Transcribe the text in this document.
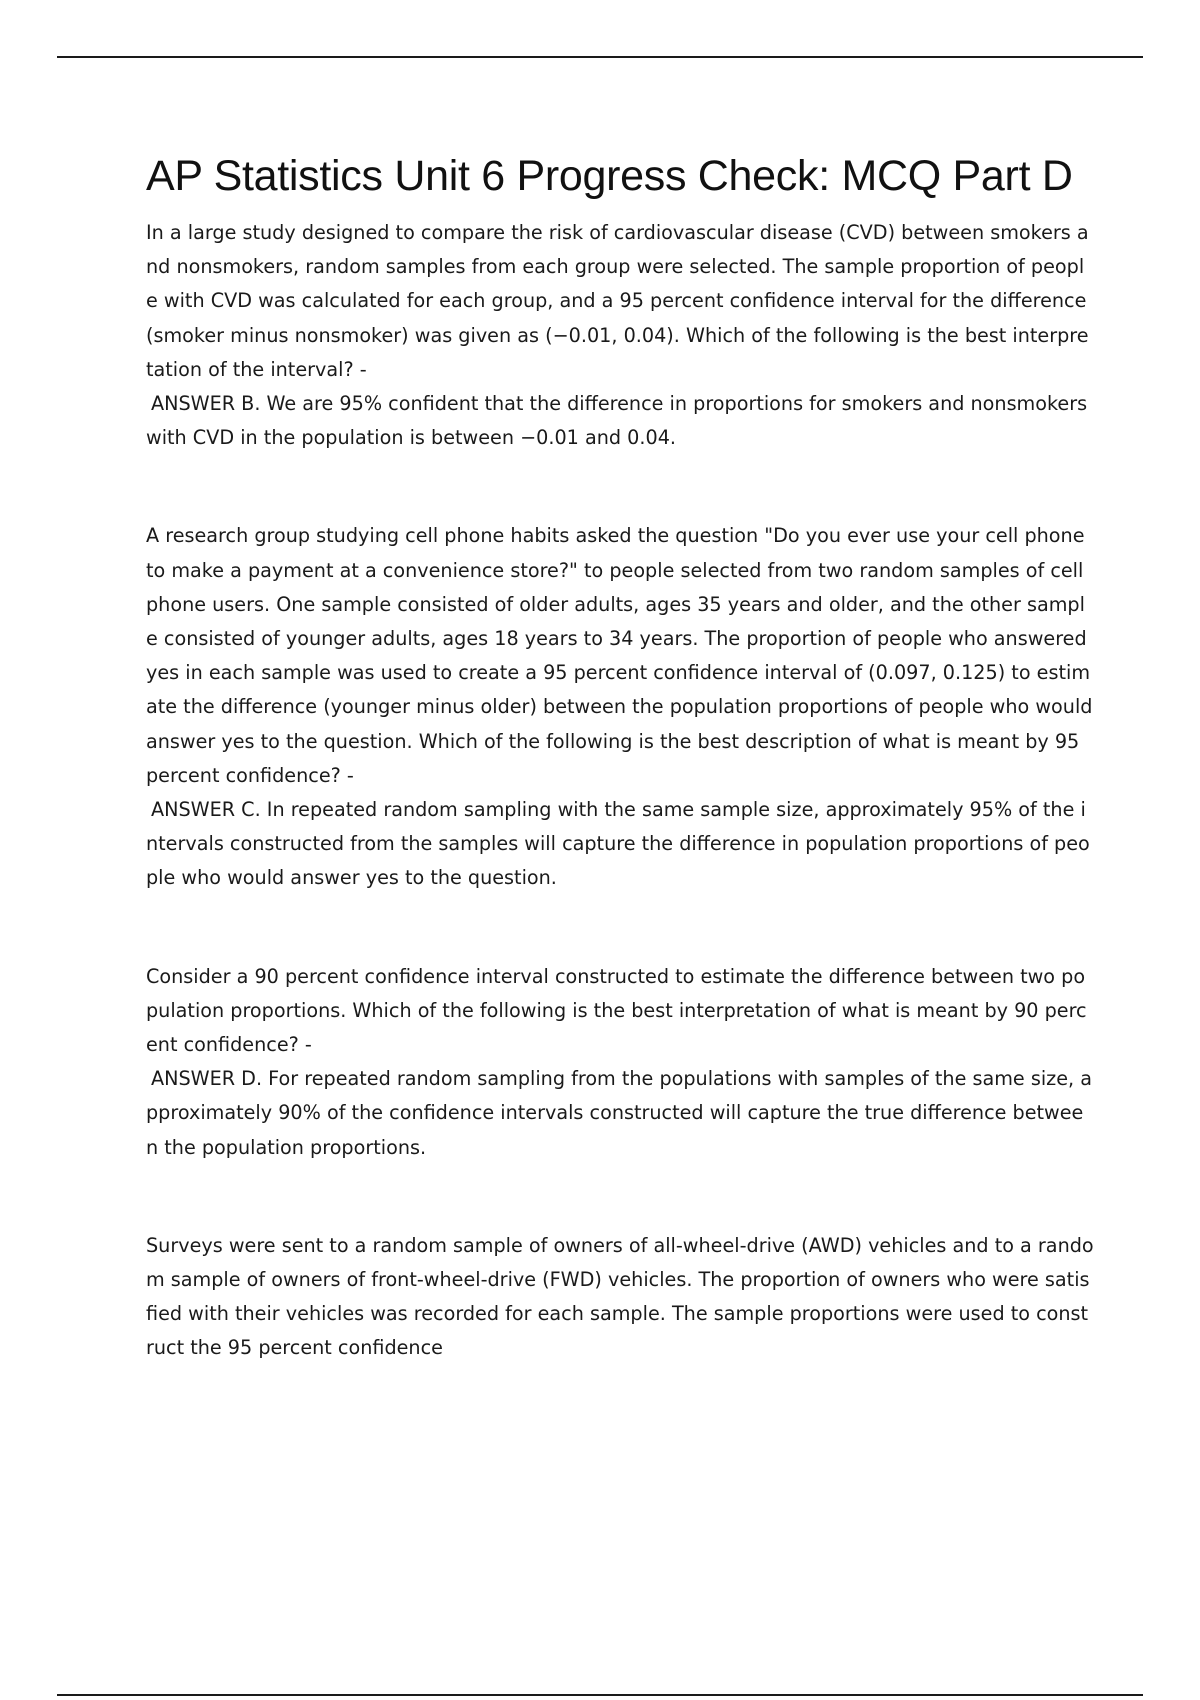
AP Statistics Unit 6 Progress Check: MCQ Part D

In a large study designed to compare the risk of cardiovascular disease (CVD) between smokers and nonsmokers, random samples from each group were selected. The sample proportion of people with CVD was calculated for each group, and a 95 percent confidence interval for the difference (smoker minus nonsmoker) was given as (−0.01, 0.04). Which of the following is the best interpretation of the interval? -

ANSWER B. We are 95% confident that the difference in proportions for smokers and nonsmokers with CVD in the population is between −0.01 and 0.04.

A research group studying cell phone habits asked the question "Do you ever use your cell phone to make a payment at a convenience store?" to people selected from two random samples of cell phone users. One sample consisted of older adults, ages 35 years and older, and the other sample consisted of younger adults, ages 18 years to 34 years. The proportion of people who answered yes in each sample was used to create a 95 percent confidence interval of (0.097, 0.125) to estimate the difference (younger minus older) between the population proportions of people who would answer yes to the question. Which of the following is the best description of what is meant by 95 percent confidence? -

ANSWER C. In repeated random sampling with the same sample size, approximately 95% of the intervals constructed from the samples will capture the difference in population proportions of people who would answer yes to the question.

Consider a 90 percent confidence interval constructed to estimate the difference between two population proportions. Which of the following is the best interpretation of what is meant by 90 percent confidence? -

ANSWER D. For repeated random sampling from the populations with samples of the same size, approximately 90% of the confidence intervals constructed will capture the true difference between the population proportions.

Surveys were sent to a random sample of owners of all-wheel-drive (AWD) vehicles and to a random sample of owners of front-wheel-drive (FWD) vehicles. The proportion of owners who were satisfied with their vehicles was recorded for each sample. The sample proportions were used to construct the 95 percent confidence
